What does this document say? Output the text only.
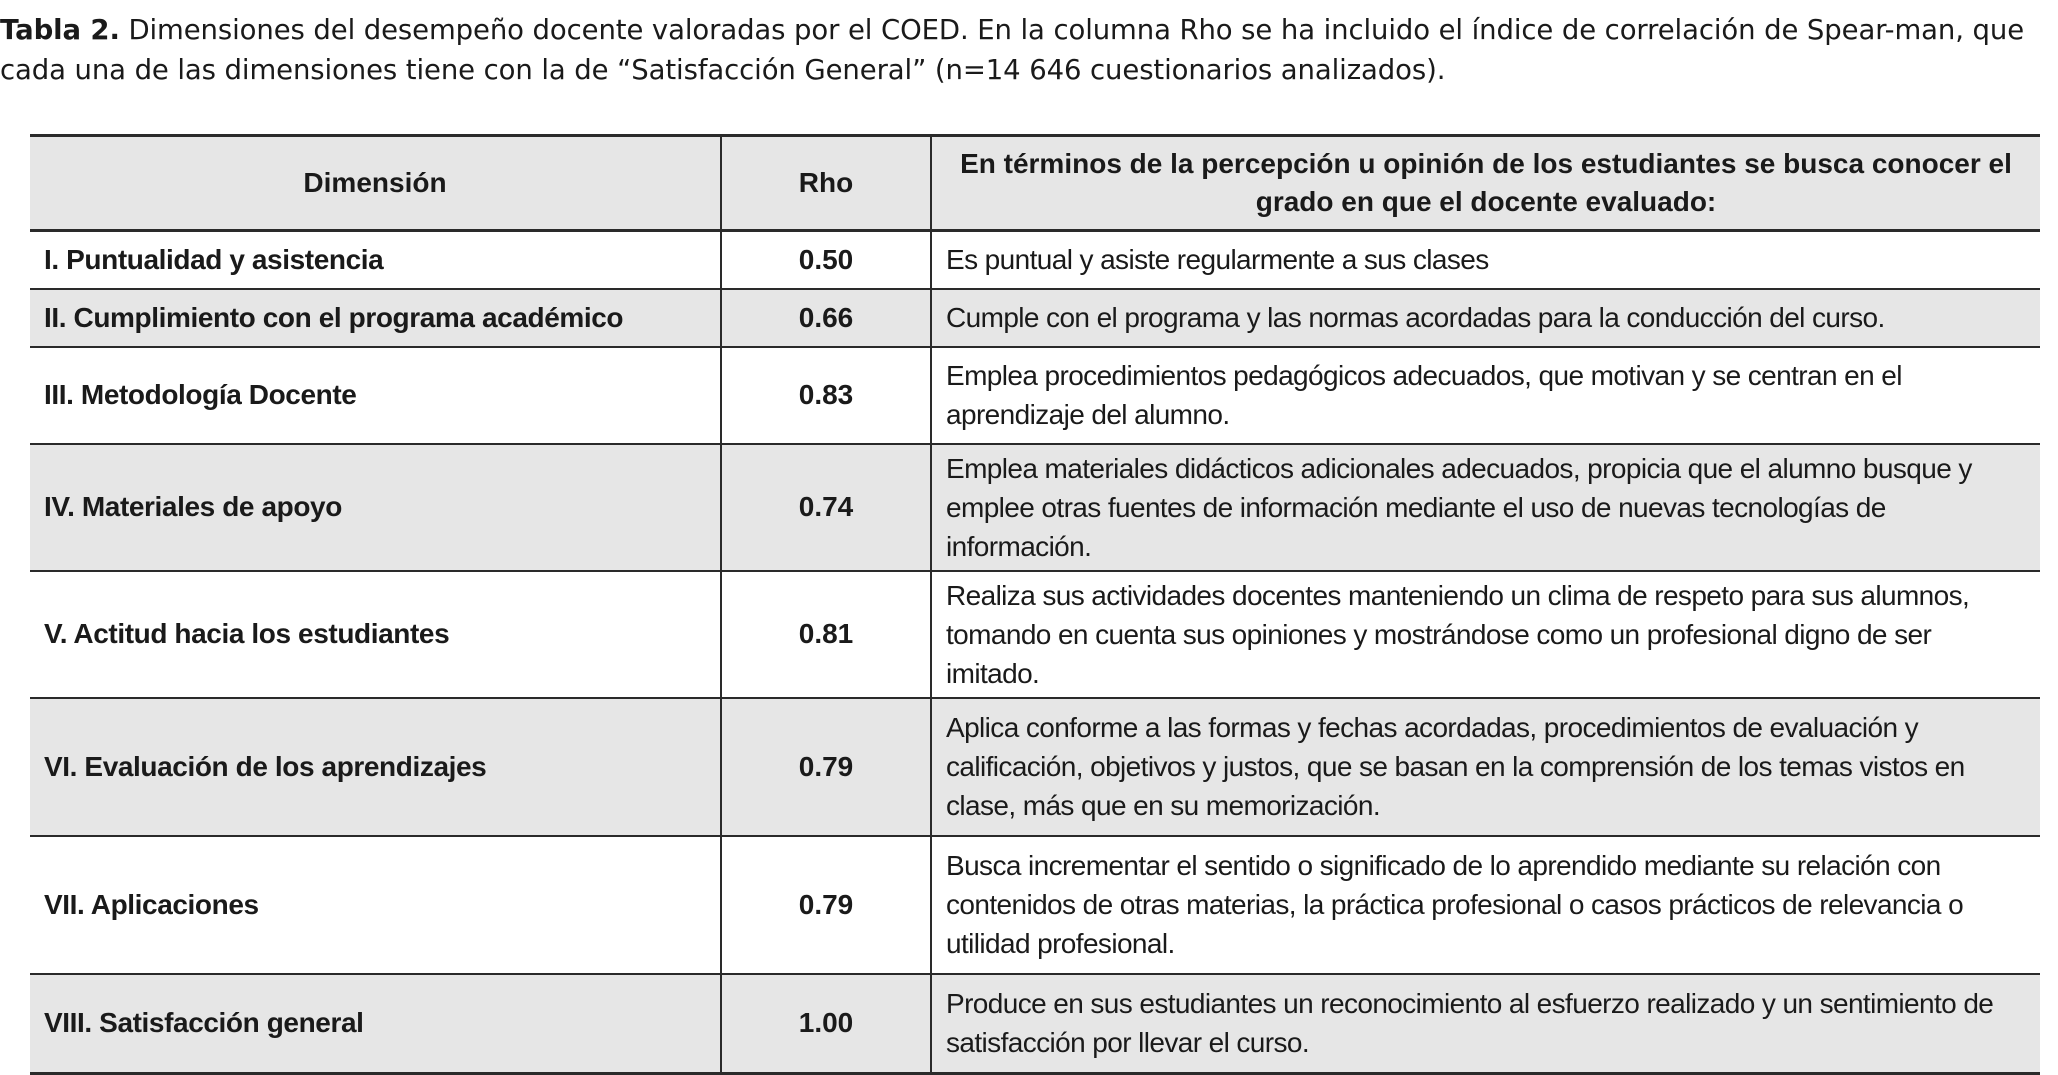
Tabla 2. Dimensiones del desempeño docente valoradas por el COED. En la columna Rho se ha incluido el índice de correlación de Spear-man, que cada una de las dimensiones tiene con la de “Satisfacción General” (n=14 646 cuestionarios analizados).
Dimensión	Rho	En términos de la percepción u opinión de los estudiantes se busca conocer el grado en que el docente evaluado:
I. Puntualidad y asistencia	0.50	Es puntual y asiste regularmente a sus clases
II. Cumplimiento con el programa académico	0.66	Cumple con el programa y las normas acordadas para la conducción del curso.
III. Metodología Docente	0.83	Emplea procedimientos pedagógicos adecuados, que motivan y se centran en el aprendizaje del alumno.
IV. Materiales de apoyo	0.74	Emplea materiales didácticos adicionales adecuados, propicia que el alumno busque y emplee otras fuentes de información mediante el uso de nuevas tecnologías de información.
V. Actitud hacia los estudiantes	0.81	Realiza sus actividades docentes manteniendo un clima de respeto para sus alumnos, tomando en cuenta sus opiniones y mostrándose como un profesional digno de ser imitado.
VI. Evaluación de los aprendizajes	0.79	Aplica conforme a las formas y fechas acordadas, procedimientos de evaluación y calificación, objetivos y justos, que se basan en la comprensión de los temas vistos en clase, más que en su memorización.
VII. Aplicaciones	0.79	Busca incrementar el sentido o significado de lo aprendido mediante su relación con contenidos de otras materias, la práctica profesional o casos prácticos de relevancia o utilidad profesional.
VIII. Satisfacción general	1.00	Produce en sus estudiantes un reconocimiento al esfuerzo realizado y un sentimiento de satisfacción por llevar el curso.
